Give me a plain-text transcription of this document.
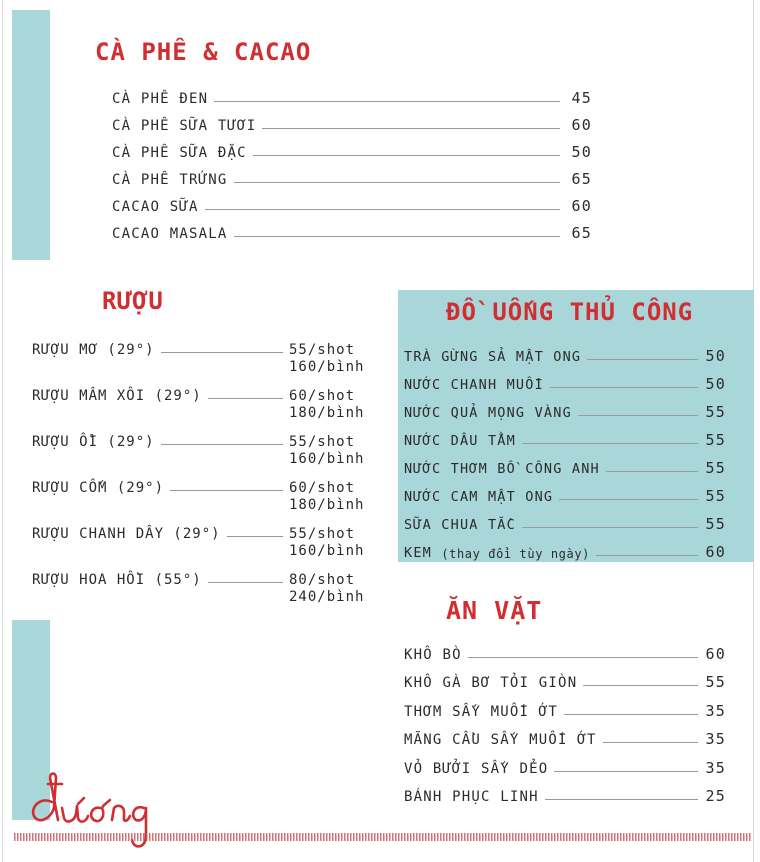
CÀ PHÊ & CACAO
CÀ PHÊ ĐEN	45
CÀ PHÊ SỮA TƯƠI	60
CÀ PHÊ SỮA ĐẶC	50
CÀ PHÊ TRỨNG	65
CACAO SỮA	60
CACAO MASALA	65
RƯỢU
RƯỢU MƠ (29°)	55/shot
160/bình
RƯỢU MÂM XÔI (29°)	60/shot
180/bình
RƯỢU ỔI (29°)	55/shot
160/bình
RƯỢU CỐM (29°)	60/shot
180/bình
RƯỢU CHANH DÂY (29°)	55/shot
160/bình
RƯỢU HOA HỒI (55°)	80/shot
240/bình
ĐỒ UỐNG THỦ CÔNG
TRÀ GỪNG SẢ MẬT ONG	50
NƯỚC CHANH MUỐI	50
NƯỚC QUẢ MỌNG VÀNG	55
NƯỚC DÂU TẰM	55
NƯỚC THƠM BỒ CÔNG ANH	55
NƯỚC CAM MẬT ONG	55
SỮA CHUA TẮC	55
KEM
(thay đổi tùy ngày)	60
ĂN VẶT
KHÔ BÒ	60
KHÔ GÀ BƠ TỎI GIÒN	55
THƠM SẤY MUỐI ỚT	35
MÃNG CẦU SẤY MUỐI ỚT	35
VỎ BƯỞI SẤY DẺO	35
BÁNH PHỤC LINH	25
